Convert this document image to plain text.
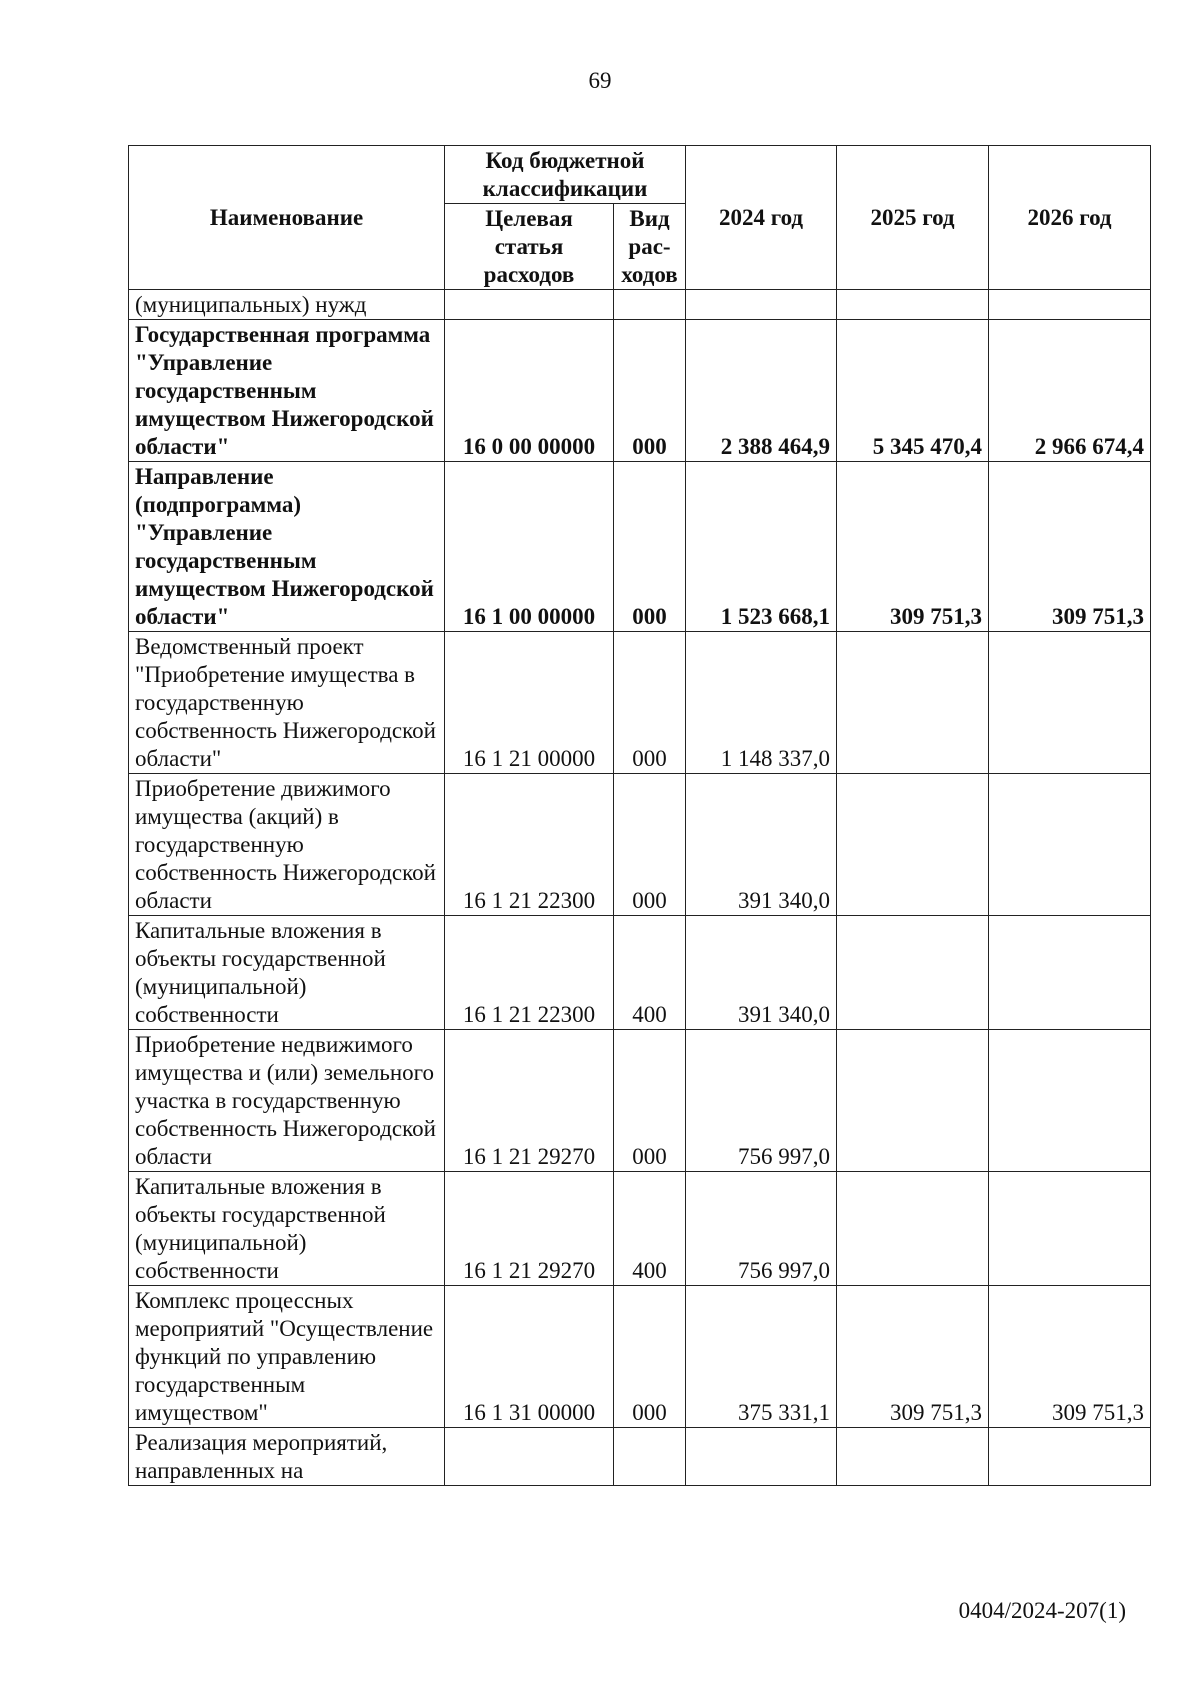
69
Наименование	Код бюджетной классификации		2024 год	2025 год	2026 год
	Целевая статья расходов	Вид рас-ходов			
(муниципальных) нужд					
Государственная программа "Управление государственным имуществом Нижегородской области"	16 0 00 00000	000	2 388 464,9	5 345 470,4	2 966 674,4
Направление (подпрограмма) "Управление государственным имуществом Нижегородской области"	16 1 00 00000	000	1 523 668,1	309 751,3	309 751,3
Ведомственный проект "Приобретение имущества в государственную собственность Нижегородской области"	16 1 21 00000	000	1 148 337,0		
Приобретение движимого имущества (акций) в государственную собственность Нижегородской области	16 1 21 22300	000	391 340,0		
Капитальные вложения в объекты государственной (муниципальной) собственности	16 1 21 22300	400	391 340,0		
Приобретение недвижимого имущества и (или) земельного участка в государственную собственность Нижегородской области	16 1 21 29270	000	756 997,0		
Капитальные вложения в объекты государственной (муниципальной) собственности	16 1 21 29270	400	756 997,0		
Комплекс процессных мероприятий "Осуществление функций по управлению государственным имуществом"	16 1 31 00000	000	375 331,1	309 751,3	309 751,3
Реализация мероприятий, направленных на					
0404/2024-207(1)
